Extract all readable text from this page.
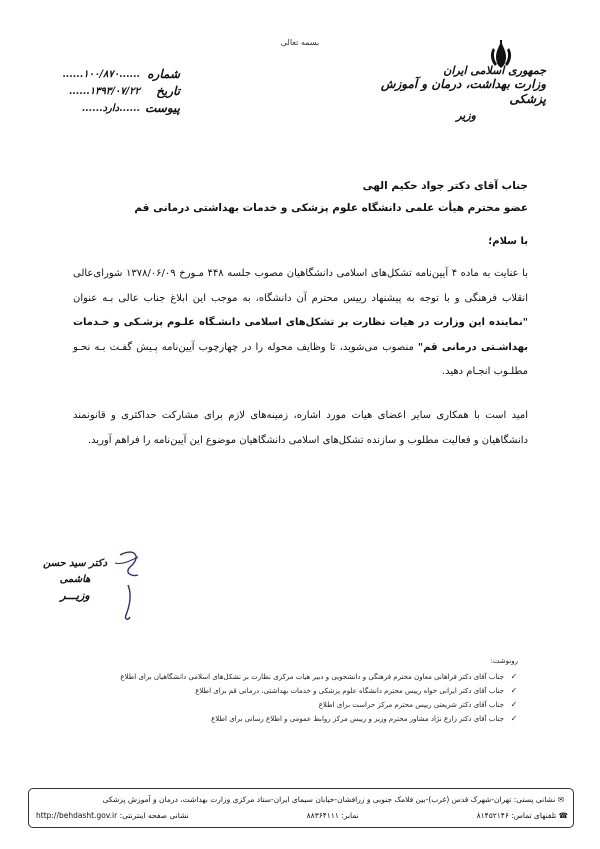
بسمه تعالی
جمهوری اسلامی ایران
وزارت بهداشت، درمان و آموزش پزشکی
وزیر
شماره
......۱۰۰/۸۷۰......
تاریخ
۱۳۹۳/۰۷/۲۲......
پیوست
......دارد......
جناب آقای دکتر جواد حکیم الهی
عضو محترم هیأت علمی دانشگاه علوم پزشکی و خدمات بهداشتی درمانی قم
با سلام؛
با عنایت به ماده ۴ آیین‌نامه تشکل‌های اسلامی دانشگاهیان مصوب جلسه ۴۴۸ مـورخ ۱۳۷۸/۰۶/۰۹ شورای‌عالی انقلاب فرهنگی و با توجه به پیشنهاد رییس محترم آن دانشگاه، به موجب این ابلاغ جناب عالی بـه عنوان "نماینده این وزارت در هیات نظارت بر تشکل‌های اسلامی دانشـگاه علـوم پزشـکی و خـدمات بهداشـتی درمانی قم" منصوب می‌شوید، تا وظایف محوله را در چهارچوب آیین‌نامه پـیش گفـت بـه نحـو مطلـوب انجـام دهید.
امید است با همکاری سایر اعضای هیات مورد اشاره، زمینه‌های لازم برای مشارکت حداکثری و قانونمند دانشگاهیان و فعالیت مطلوب و سازنده تشکل‌های اسلامی دانشگاهیان موضوع این آیین‌نامه را فراهم آورید.
دکتر سید حسن هاشمی
وزیـــر
رونوشت:
✓
جناب آقای دکتر فراهانی معاون محترم فرهنگی و دانشجویی و دبیر هیات مرکزی نظارت بر تشکل‌های اسلامی دانشگاهیان برای اطلاع
✓
جناب آقای دکتر ایرانی خواه رییس محترم دانشگاه علوم پزشکی و خدمات بهداشتی، درمانی قم برای اطلاع
✓
جناب آقای دکتر شریعتی رییس محترم مرکز حراست برای اطلاع
✓
جناب آقای دکتر زارع نژاد مشاور محترم وزیر و رییس مرکز روابط عمومی و اطلاع رسانی برای اطلاع
✉ نشانی پستی: تهران-شهرک قدس (غرب)-بین فلامک جنوبی و زرافشان-خیابان سیمای ایران-ستاد مرکزی وزارت بهداشت، درمان و آموزش پزشکی
http://behdasht.gov.ir نشانی صفحه اینترنتی:	نمابر: ۸۸۳۶۴۱۱۱	☎ تلفنهای تماس: ۸۱۴۵۲۱۴۶
